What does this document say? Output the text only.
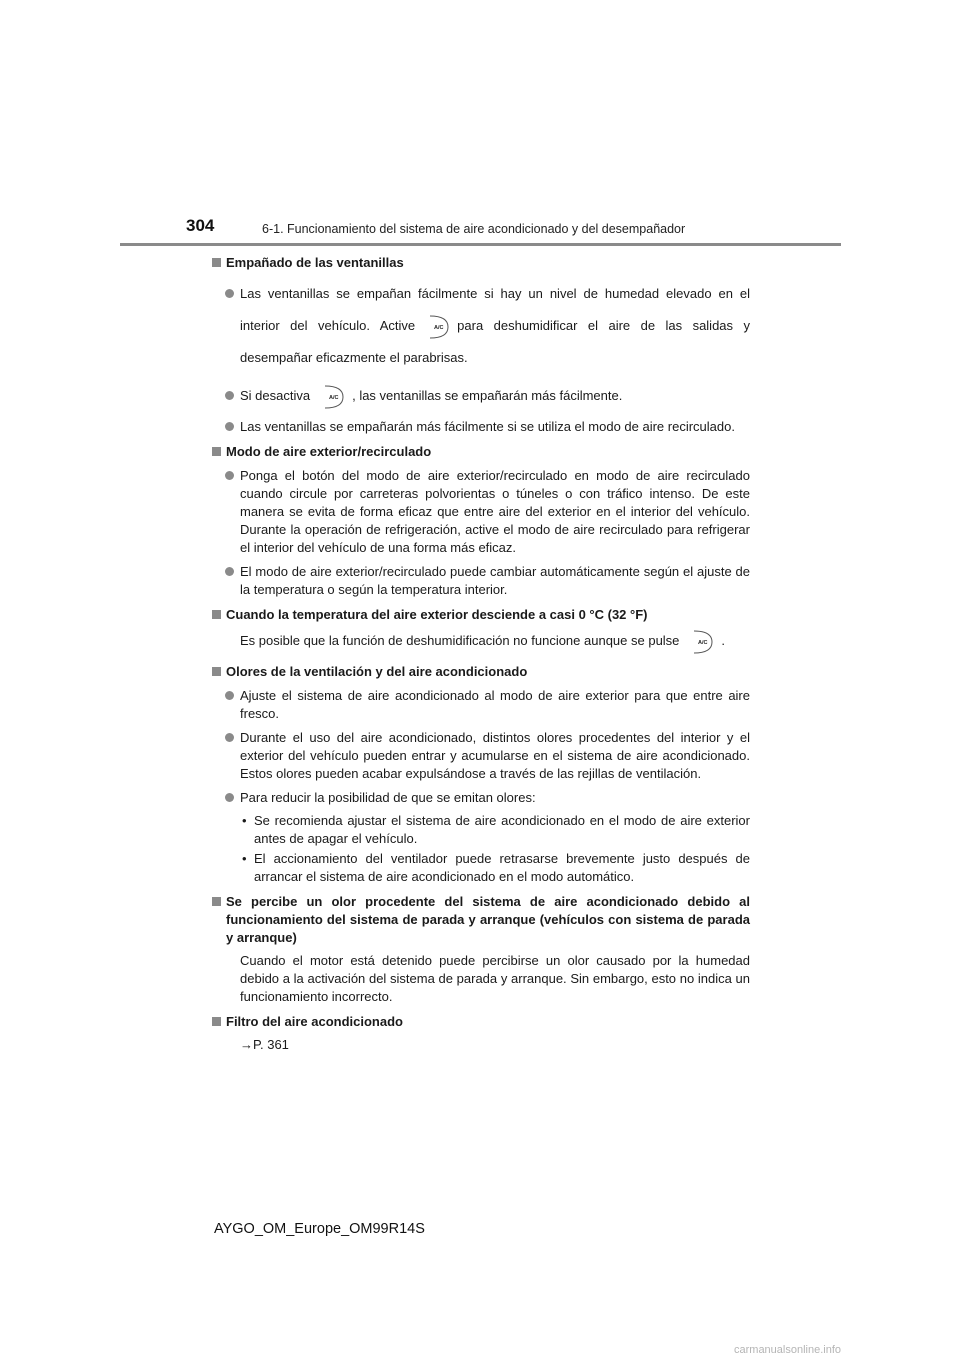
304	6-1. Funcionamiento del sistema de aire acondicionado y del desempañador
Empañado de las ventanillas
Las ventanillas se empañan fácilmente si hay un nivel de humedad elevado en el interior del vehículo. Active	A/C para deshumidificar el aire de las salidas y desempañar eficazmente el parabrisas.
Si desactiva	A/C , las ventanillas se empañarán más fácilmente.
Las ventanillas se empañarán más fácilmente si se utiliza el modo de aire recirculado.
Modo de aire exterior/recirculado
Ponga el botón del modo de aire exterior/recirculado en modo de aire recirculado cuando circule por carreteras polvorientas o túneles o con tráfico intenso. De este manera se evita de forma eficaz que entre aire del exterior en el interior del vehículo. Durante la operación de refrigeración, active el modo de aire recirculado para refrigerar el interior del vehículo de una forma más eficaz.
El modo de aire exterior/recirculado puede cambiar automáticamente según el ajuste de la temperatura o según la temperatura interior.
Cuando la temperatura del aire exterior desciende a casi 0 °C (32 °F)
Es posible que la función de deshumidificación no funcione aunque se pulse	A/C .
Olores de la ventilación y del aire acondicionado
Ajuste el sistema de aire acondicionado al modo de aire exterior para que entre aire fresco.
Durante el uso del aire acondicionado, distintos olores procedentes del interior y el exterior del vehículo pueden entrar y acumularse en el sistema de aire acondicionado. Estos olores pueden acabar expulsándose a través de las rejillas de ventilación.
Para reducir la posibilidad de que se emitan olores:
• Se recomienda ajustar el sistema de aire acondicionado en el modo de aire exterior antes de apagar el vehículo.
• El accionamiento del ventilador puede retrasarse brevemente justo después de arrancar el sistema de aire acondicionado en el modo automático.
Se percibe un olor procedente del sistema de aire acondicionado debido al funcionamiento del sistema de parada y arranque (vehículos con sistema de parada y arranque)
Cuando el motor está detenido puede percibirse un olor causado por la humedad debido a la activación del sistema de parada y arranque. Sin embargo, esto no indica un funcionamiento incorrecto.
Filtro del aire acondicionado
→P. 361
AYGO_OM_Europe_OM99R14S
carmanualsonline.info
